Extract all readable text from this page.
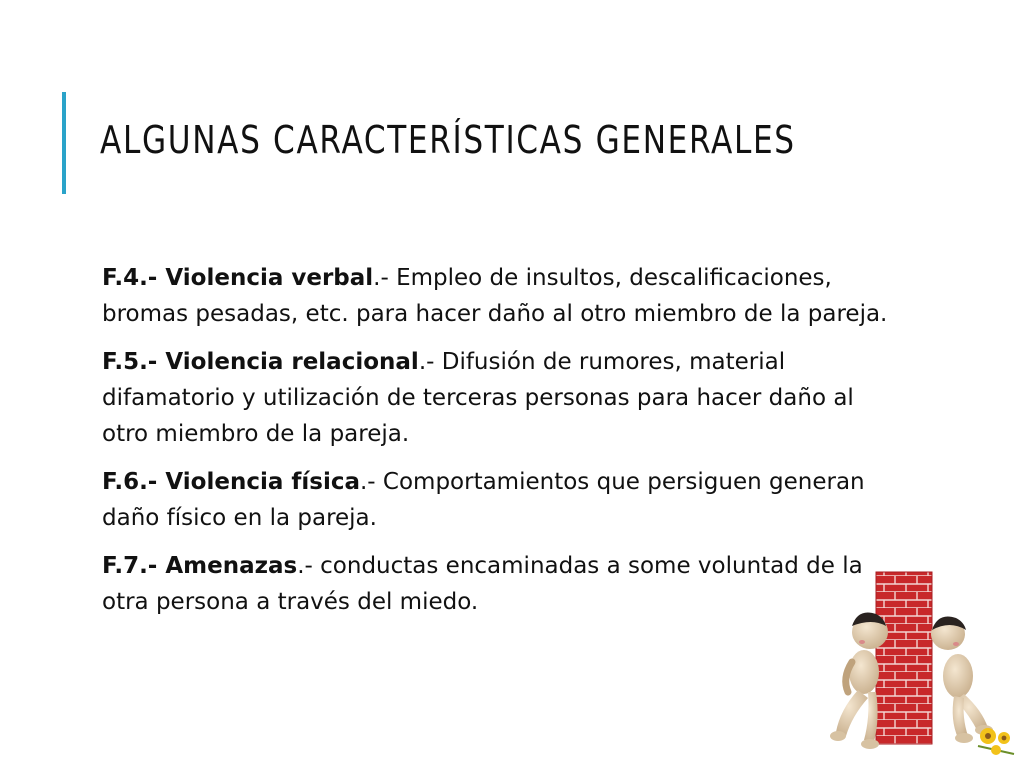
ALGUNAS CARACTERÍSTICAS GENERALES

F.4.- Violencia verbal.- Empleo de insultos, descalificaciones, bromas pesadas, etc. para hacer daño al otro miembro de la pareja.

F.5.- Violencia relacional.- Difusión de rumores, material difamatorio y utilización de terceras personas para hacer daño al otro miembro de la pareja.

F.6.- Violencia física.- Comportamientos que persiguen generan daño físico en la pareja.

F.7.- Amenazas.- conductas encaminadas a some voluntad de la otra persona a través del miedo.
